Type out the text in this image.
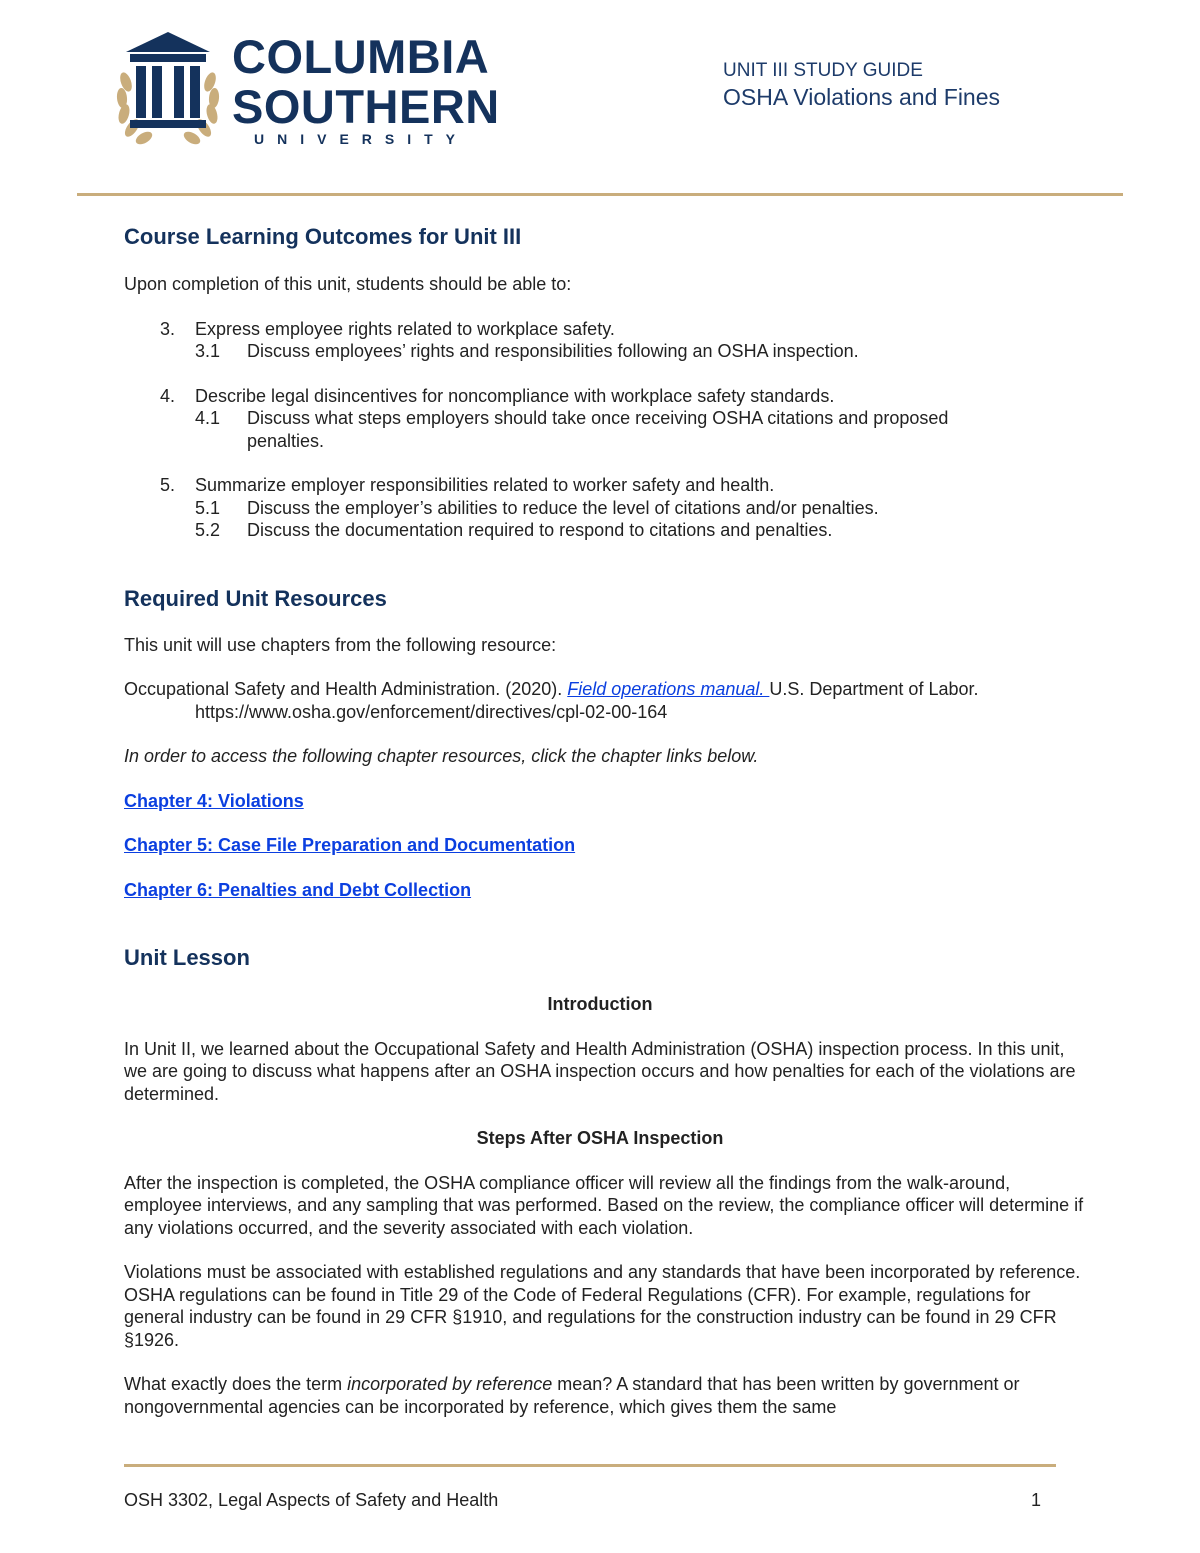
COLUMBIA
SOUTHERN
UNIVERSITY
UNIT III STUDY GUIDE
OSHA Violations and Fines
Course Learning Outcomes for Unit III

Upon completion of this unit, students should be able to:

3. Express employee rights related to workplace safety.
3.1 Discuss employees’ rights and responsibilities following an OSHA inspection.
4. Describe legal disincentives for noncompliance with workplace safety standards.
4.1 Discuss what steps employers should take once receiving OSHA citations and proposed penalties.
5. Summarize employer responsibilities related to worker safety and health.
5.1 Discuss the employer’s abilities to reduce the level of citations and/or penalties.
5.2 Discuss the documentation required to respond to citations and penalties.
Required Unit Resources

This unit will use chapters from the following resource:

Occupational Safety and Health Administration. (2020). Field operations manual. U.S. Department of Labor.
https://www.osha.gov/enforcement/directives/cpl-02-00-164

In order to access the following chapter resources, click the chapter links below.

Chapter 4: Violations

Chapter 5: Case File Preparation and Documentation

Chapter 6: Penalties and Debt Collection

Unit Lesson

Introduction

In Unit II, we learned about the Occupational Safety and Health Administration (OSHA) inspection process. In this unit, we are going to discuss what happens after an OSHA inspection occurs and how penalties for each of the violations are determined.

Steps After OSHA Inspection

After the inspection is completed, the OSHA compliance officer will review all the findings from the walk-around, employee interviews, and any sampling that was performed. Based on the review, the compliance officer will determine if any violations occurred, and the severity associated with each violation.

Violations must be associated with established regulations and any standards that have been incorporated by reference. OSHA regulations can be found in Title 29 of the Code of Federal Regulations (CFR). For example, regulations for general industry can be found in 29 CFR §1910, and regulations for the construction industry can be found in 29 CFR §1926.

What exactly does the term incorporated by reference mean? A standard that has been written by government or nongovernmental agencies can be incorporated by reference, which gives them the same

OSH 3302, Legal Aspects of Safety and Health	1
